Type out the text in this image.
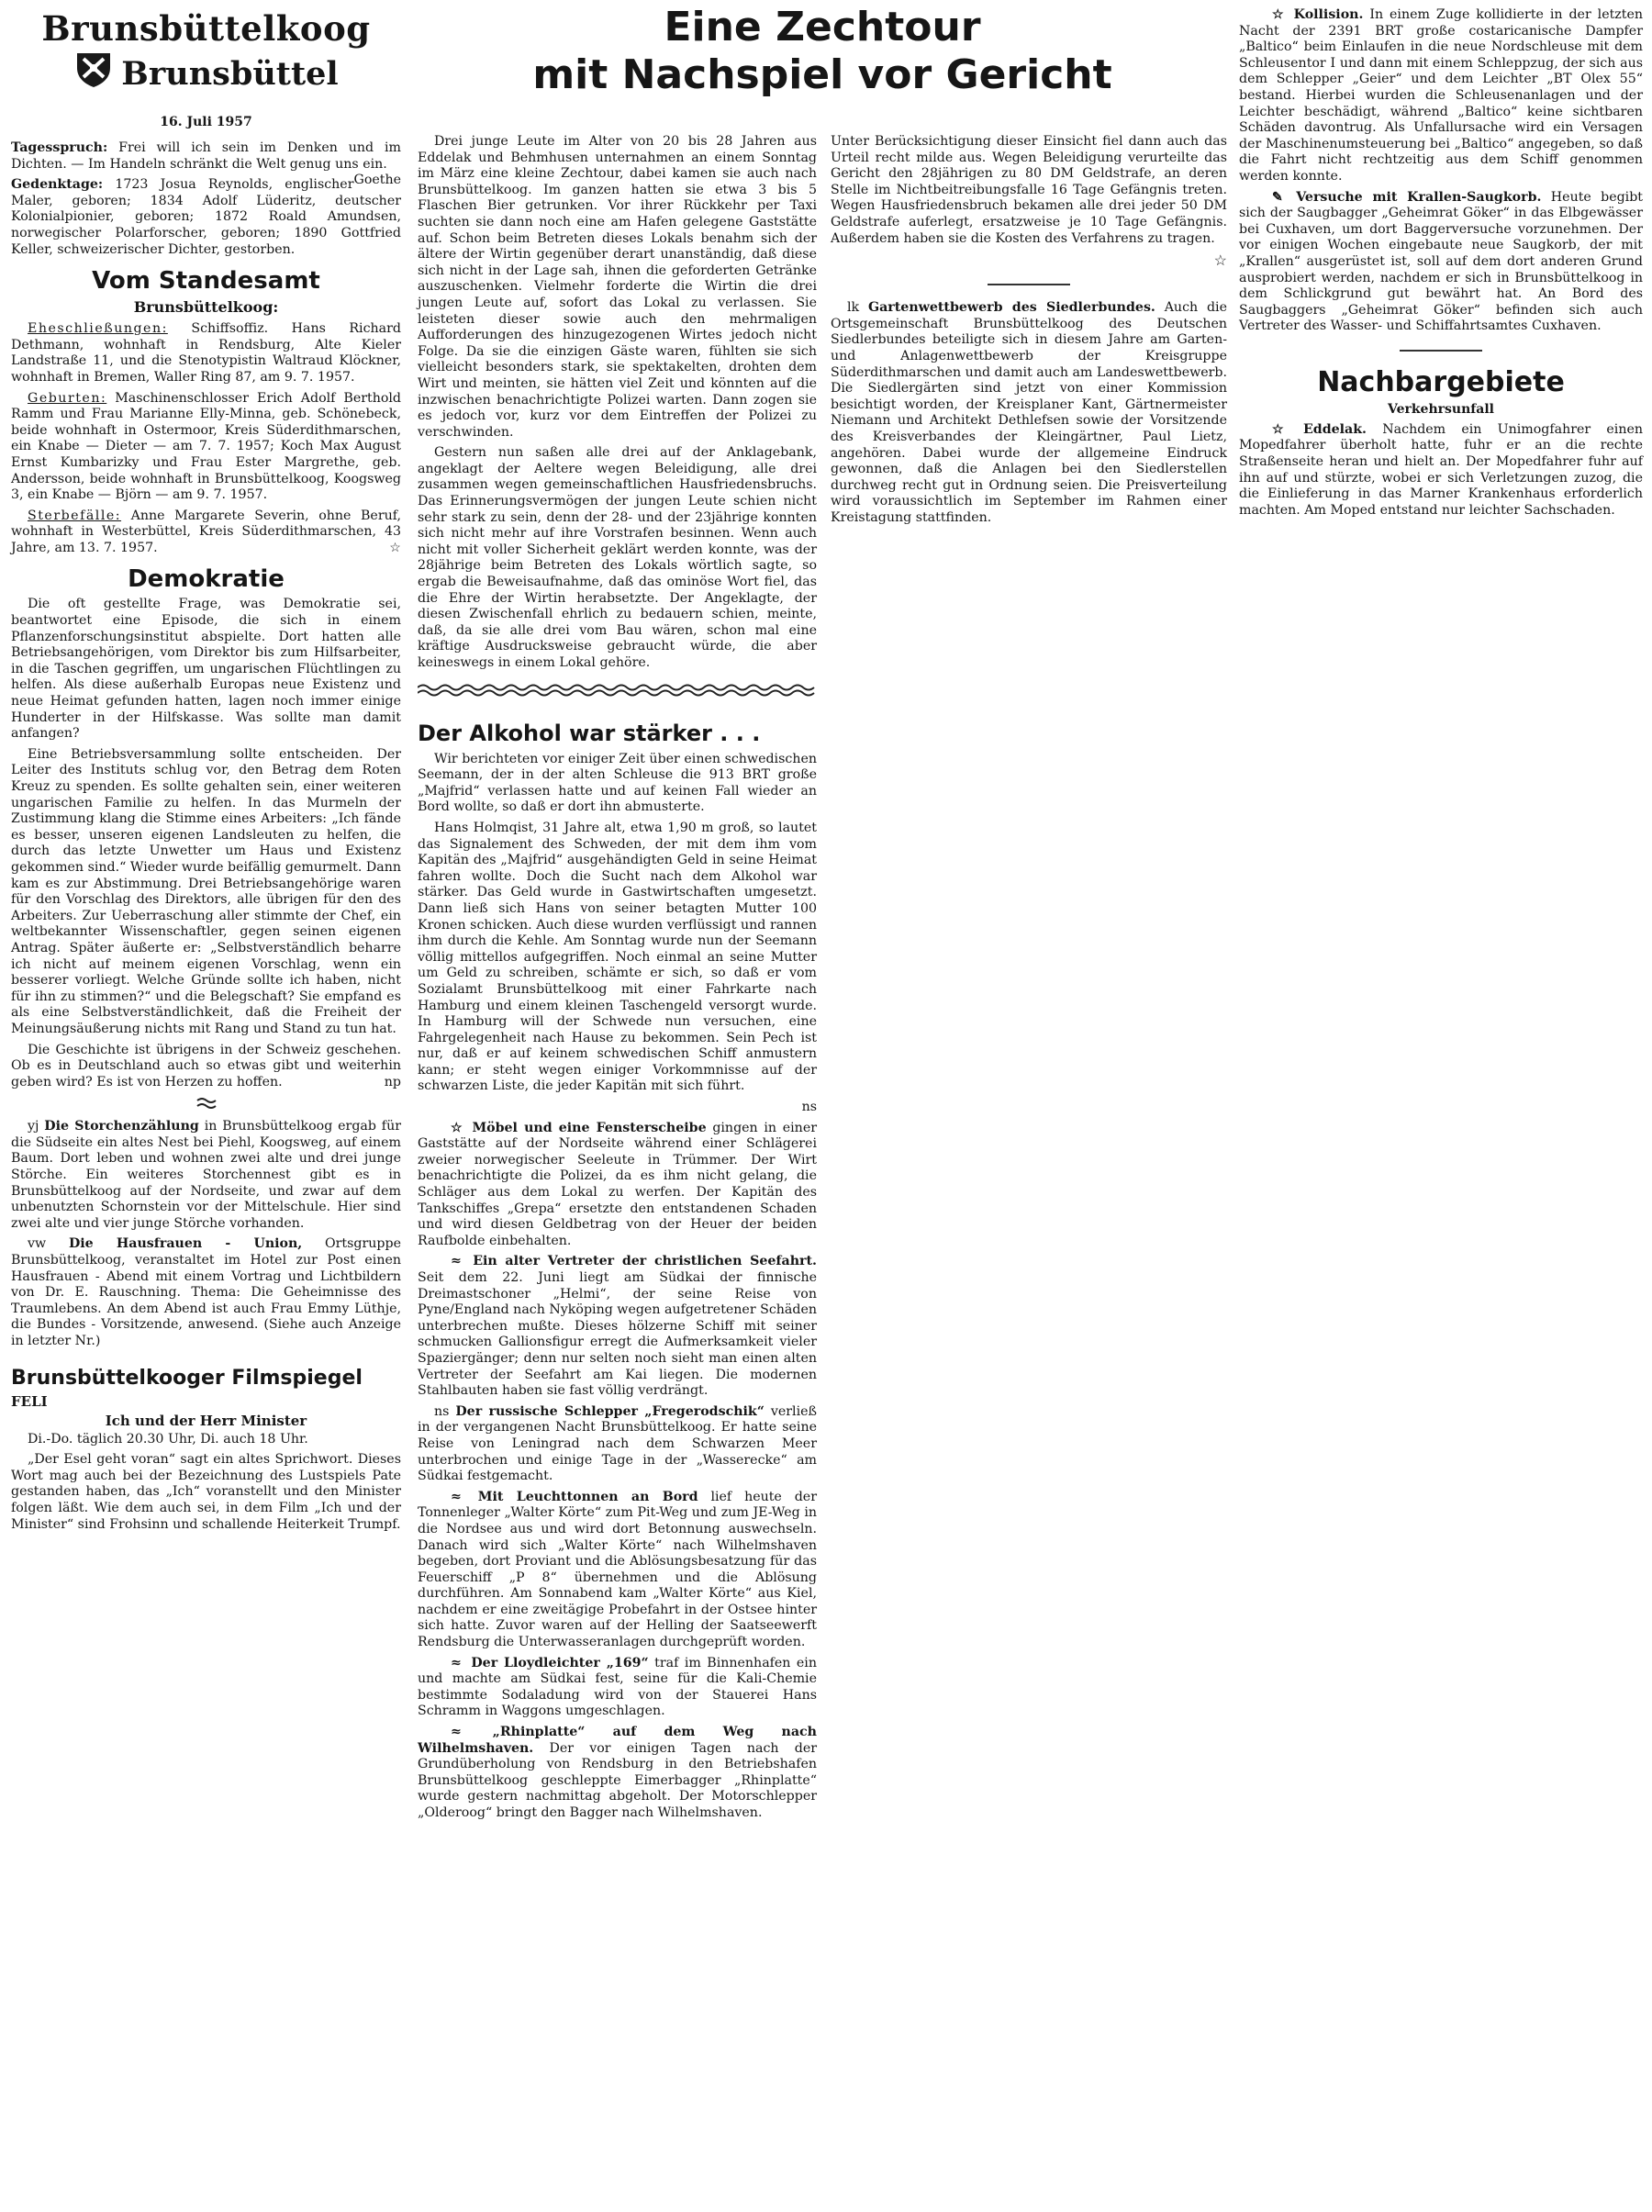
Eine Zechtour
mit Nachspiel vor Gericht
Brunsbüttelkoog
Brunsbüttel
16. Juli 1957

Tagesspruch: Frei will ich sein im Denken und im Dichten. — Im Handeln schränkt die Welt genug uns ein.
Goethe

Gedenktage: 1723 Josua Reynolds, englischer Maler, geboren; 1834 Adolf Lüderitz, deutscher Kolonialpionier, geboren; 1872 Roald Amundsen, norwegischer Polarforscher, geboren; 1890 Gottfried Keller, schweizerischer Dichter, gestorben.

Vom Standesamt
Brunsbüttelkoog:

Eheschließungen: Schiffsoffiz. Hans Richard Dethmann, wohnhaft in Rendsburg, Alte Kieler Landstraße 11, und die Stenotypistin Waltraud Klöckner, wohnhaft in Bremen, Waller Ring 87, am 9. 7. 1957.

Geburten: Maschinenschlosser Erich Adolf Berthold Ramm und Frau Marianne Elly-Minna, geb. Schönebeck, beide wohnhaft in Ostermoor, Kreis Süderdithmarschen, ein Knabe — Dieter — am 7. 7. 1957; Koch Max August Ernst Kumbarizky und Frau Ester Margrethe, geb. Andersson, beide wohnhaft in Brunsbüttelkoog, Koogsweg 3, ein Knabe — Björn — am 9. 7. 1957.

Sterbefälle: Anne Margarete Severin, ohne Beruf, wohnhaft in Westerbüttel, Kreis Süderdithmarschen, 43 Jahre, am 13. 7. 1957.	☆

Demokratie

Die oft gestellte Frage, was Demokratie sei, beantwortet eine Episode, die sich in einem Pflanzenforschungsinstitut abspielte. Dort hatten alle Betriebsangehörigen, vom Direktor bis zum Hilfsarbeiter, in die Taschen gegriffen, um ungarischen Flüchtlingen zu helfen. Als diese außerhalb Europas neue Existenz und neue Heimat gefunden hatten, lagen noch immer einige Hunderter in der Hilfskasse. Was sollte man damit anfangen?

Eine Betriebsversammlung sollte entscheiden. Der Leiter des Instituts schlug vor, den Betrag dem Roten Kreuz zu spenden. Es sollte gehalten sein, einer weiteren ungarischen Familie zu helfen. In das Murmeln der Zustimmung klang die Stimme eines Arbeiters: „Ich fände es besser, unseren eigenen Landsleuten zu helfen, die durch das letzte Unwetter um Haus und Existenz gekommen sind.“ Wieder wurde beifällig gemurmelt. Dann kam es zur Abstimmung. Drei Betriebsangehörige waren für den Vorschlag des Direktors, alle übrigen für den des Arbeiters. Zur Ueberraschung aller stimmte der Chef, ein weltbekannter Wissenschaftler, gegen seinen eigenen Antrag. Später äußerte er: „Selbstverständlich beharre ich nicht auf meinem eigenen Vorschlag, wenn ein besserer vorliegt. Welche Gründe sollte ich haben, nicht für ihn zu stimmen?“ und die Belegschaft? Sie empfand es als eine Selbstverständlichkeit, daß die Freiheit der Meinungsäußerung nichts mit Rang und Stand zu tun hat.

Die Geschichte ist übrigens in der Schweiz geschehen. Ob es in Deutschland auch so etwas gibt und weiterhin geben wird? Es ist von Herzen zu hoffen.	np

yj Die Storchenzählung in Brunsbüttelkoog ergab für die Südseite ein altes Nest bei Piehl, Koogsweg, auf einem Baum. Dort leben und wohnen zwei alte und drei junge Störche. Ein weiteres Storchennest gibt es in Brunsbüttelkoog auf der Nordseite, und zwar auf dem unbenutzten Schornstein vor der Mittelschule. Hier sind zwei alte und vier junge Störche vorhanden.

vw Die Hausfrauen - Union, Ortsgruppe Brunsbüttelkoog, veranstaltet im Hotel zur Post einen Hausfrauen - Abend mit einem Vortrag und Lichtbildern von Dr. E. Rauschning. Thema: Die Geheimnisse des Traumlebens. An dem Abend ist auch Frau Emmy Lüthje, die Bundes - Vorsitzende, anwesend. (Siehe auch Anzeige in letzter Nr.)

Brunsbüttelkooger Filmspiegel
FELI
Ich und der Herr Minister

Di.-Do. täglich 20.30 Uhr, Di. auch 18 Uhr.

„Der Esel geht voran“ sagt ein altes Sprichwort. Dieses Wort mag auch bei der Bezeichnung des Lustspiels Pate gestanden haben, das „Ich“ voranstellt und den Minister folgen läßt. Wie dem auch sei, in dem Film „Ich und der Minister“ sind Frohsinn und schallende Heiterkeit Trumpf.

Drei junge Leute im Alter von 20 bis 28 Jahren aus Eddelak und Behmhusen unternahmen an einem Sonntag im März eine kleine Zechtour, dabei kamen sie auch nach Brunsbüttelkoog. Im ganzen hatten sie etwa 3 bis 5 Flaschen Bier getrunken. Vor ihrer Rückkehr per Taxi suchten sie dann noch eine am Hafen gelegene Gaststätte auf. Schon beim Betreten dieses Lokals benahm sich der ältere der Wirtin gegenüber derart unanständig, daß diese sich nicht in der Lage sah, ihnen die geforderten Getränke auszuschenken. Vielmehr forderte die Wirtin die drei jungen Leute auf, sofort das Lokal zu verlassen. Sie leisteten dieser sowie auch den mehrmaligen Aufforderungen des hinzugezogenen Wirtes jedoch nicht Folge. Da sie die einzigen Gäste waren, fühlten sie sich vielleicht besonders stark, sie spektakelten, drohten dem Wirt und meinten, sie hätten viel Zeit und könnten auf die inzwischen benachrichtigte Polizei warten. Dann zogen sie es jedoch vor, kurz vor dem Eintreffen der Polizei zu verschwinden.

Gestern nun saßen alle drei auf der Anklagebank, angeklagt der Aeltere wegen Beleidigung, alle drei zusammen wegen gemeinschaftlichen Hausfriedensbruchs. Das Erinnerungsvermögen der jungen Leute schien nicht sehr stark zu sein, denn der 28- und der 23jährige konnten sich nicht mehr auf ihre Vorstrafen besinnen. Wenn auch nicht mit voller Sicherheit geklärt werden konnte, was der 28jährige beim Betreten des Lokals wörtlich sagte, so ergab die Beweisaufnahme, daß das ominöse Wort fiel, das die Ehre der Wirtin herabsetzte. Der Angeklagte, der diesen Zwischenfall ehrlich zu bedauern schien, meinte, daß, da sie alle drei vom Bau wären, schon mal eine kräftige Ausdrucksweise gebraucht würde, die aber keineswegs in einem Lokal gehöre.

Der Alkohol war stärker . . .

Wir berichteten vor einiger Zeit über einen schwedischen Seemann, der in der alten Schleuse die 913 BRT große „Majfrid“ verlassen hatte und auf keinen Fall wieder an Bord wollte, so daß er dort ihn abmusterte.

Hans Holmqist, 31 Jahre alt, etwa 1,90 m groß, so lautet das Signalement des Schweden, der mit dem ihm vom Kapitän des „Majfrid“ ausgehändigten Geld in seine Heimat fahren wollte. Doch die Sucht nach dem Alkohol war stärker. Das Geld wurde in Gastwirtschaften umgesetzt. Dann ließ sich Hans von seiner betagten Mutter 100 Kronen schicken. Auch diese wurden verflüssigt und rannen ihm durch die Kehle. Am Sonntag wurde nun der Seemann völlig mittellos aufgegriffen. Noch einmal an seine Mutter um Geld zu schreiben, schämte er sich, so daß er vom Sozialamt Brunsbüttelkoog mit einer Fahrkarte nach Hamburg und einem kleinen Taschengeld versorgt wurde. In Hamburg will der Schwede nun versuchen, eine Fahrgelegenheit nach Hause zu bekommen. Sein Pech ist nur, daß er auf keinem schwedischen Schiff anmustern kann; er steht wegen einiger Vorkommnisse auf der schwarzen Liste, die jeder Kapitän mit sich führt.

ns

☆ Möbel und eine Fensterscheibe gingen in einer Gaststätte auf der Nordseite während einer Schlägerei zweier norwegischer Seeleute in Trümmer. Der Wirt benachrichtigte die Polizei, da es ihm nicht gelang, die Schläger aus dem Lokal zu werfen. Der Kapitän des Tankschiffes „Grepa“ ersetzte den entstandenen Schaden und wird diesen Geldbetrag von der Heuer der beiden Raufbolde einbehalten.

≈ Ein alter Vertreter der christlichen Seefahrt. Seit dem 22. Juni liegt am Südkai der finnische Dreimastschoner „Helmi“, der seine Reise von Pyne/England nach Nyköping wegen aufgetretener Schäden unterbrechen mußte. Dieses hölzerne Schiff mit seiner schmucken Gallionsfigur erregt die Aufmerksamkeit vieler Spaziergänger; denn nur selten noch sieht man einen alten Vertreter der Seefahrt am Kai liegen. Die modernen Stahlbauten haben sie fast völlig verdrängt.

ns Der russische Schlepper „Fregerodschik“ verließ in der vergangenen Nacht Brunsbüttelkoog. Er hatte seine Reise von Leningrad nach dem Schwarzen Meer unterbrochen und einige Tage in der „Wasserecke“ am Südkai festgemacht.

≈ Mit Leuchttonnen an Bord lief heute der Tonnenleger „Walter Körte“ zum Pit-Weg und zum JE-Weg in die Nordsee aus und wird dort Betonnung auswechseln. Danach wird sich „Walter Körte“ nach Wilhelmshaven begeben, dort Proviant und die Ablösungsbesatzung für das Feuerschiff „P 8“ übernehmen und die Ablösung durchführen. Am Sonnabend kam „Walter Körte“ aus Kiel, nachdem er eine zweitägige Probefahrt in der Ostsee hinter sich hatte. Zuvor waren auf der Helling der Saatseewerft Rendsburg die Unterwasseranlagen durchgeprüft worden.

≈ Der Lloydleichter „169“ traf im Binnenhafen ein und machte am Südkai fest, seine für die Kali-Chemie bestimmte Sodaladung wird von der Stauerei Hans Schramm in Waggons umgeschlagen.

≈ „Rhinplatte“ auf dem Weg nach Wilhelmshaven. Der vor einigen Tagen nach der Grundüberholung von Rendsburg in den Betriebshafen Brunsbüttelkoog geschleppte Eimerbagger „Rhinplatte“ wurde gestern nachmittag abgeholt. Der Motorschlepper „Olderoog“ bringt den Bagger nach Wilhelmshaven.

Unter Berücksichtigung dieser Einsicht fiel dann auch das Urteil recht milde aus. Wegen Beleidigung verurteilte das Gericht den 28jährigen zu 80 DM Geldstrafe, an deren Stelle im Nichtbeitreibungsfalle 16 Tage Gefängnis treten. Wegen Hausfriedensbruch bekamen alle drei jeder 50 DM Geldstrafe auferlegt, ersatzweise je 10 Tage Gefängnis. Außerdem haben sie die Kosten des Verfahrens zu tragen.

☆

lk Gartenwettbewerb des Siedlerbundes. Auch die Ortsgemeinschaft Brunsbüttelkoog des Deutschen Siedlerbundes beteiligte sich in diesem Jahre am Garten- und Anlagenwettbewerb der Kreisgruppe Süderdithmarschen und damit auch am Landeswettbewerb. Die Siedlergärten sind jetzt von einer Kommission besichtigt worden, der Kreisplaner Kant, Gärtnermeister Niemann und Architekt Dethlefsen sowie der Vorsitzende des Kreisverbandes der Kleingärtner, Paul Lietz, angehören. Dabei wurde der allgemeine Eindruck gewonnen, daß die Anlagen bei den Siedlerstellen durchweg recht gut in Ordnung seien. Die Preisverteilung wird voraussichtlich im September im Rahmen einer Kreistagung stattfinden.

☆ Kollision. In einem Zuge kollidierte in der letzten Nacht der 2391 BRT große costaricanische Dampfer „Baltico“ beim Einlaufen in die neue Nordschleuse mit dem Schleusentor I und dann mit einem Schleppzug, der sich aus dem Schlepper „Geier“ und dem Leichter „BT Olex 55“ bestand. Hierbei wurden die Schleusenanlagen und der Leichter beschädigt, während „Baltico“ keine sichtbaren Schäden davontrug. Als Unfallursache wird ein Versagen der Maschinenumsteuerung bei „Baltico“ angegeben, so daß die Fahrt nicht rechtzeitig aus dem Schiff genommen werden konnte.

✎ Versuche mit Krallen-Saugkorb. Heute begibt sich der Saugbagger „Geheimrat Göker“ in das Elbgewässer bei Cuxhaven, um dort Baggerversuche vorzunehmen. Der vor einigen Wochen eingebaute neue Saugkorb, der mit „Krallen“ ausgerüstet ist, soll auf dem dort anderen Grund ausprobiert werden, nachdem er sich in Brunsbüttelkoog in dem Schlickgrund gut bewährt hat. An Bord des Saugbaggers „Geheimrat Göker“ befinden sich auch Vertreter des Wasser- und Schiffahrtsamtes Cuxhaven.

Nachbargebiete
Verkehrsunfall

☆ Eddelak. Nachdem ein Unimogfahrer einen Mopedfahrer überholt hatte, fuhr er an die rechte Straßenseite heran und hielt an. Der Mopedfahrer fuhr auf ihn auf und stürzte, wobei er sich Verletzungen zuzog, die die Einlieferung in das Marner Krankenhaus erforderlich machten. Am Moped entstand nur leichter Sachschaden.
